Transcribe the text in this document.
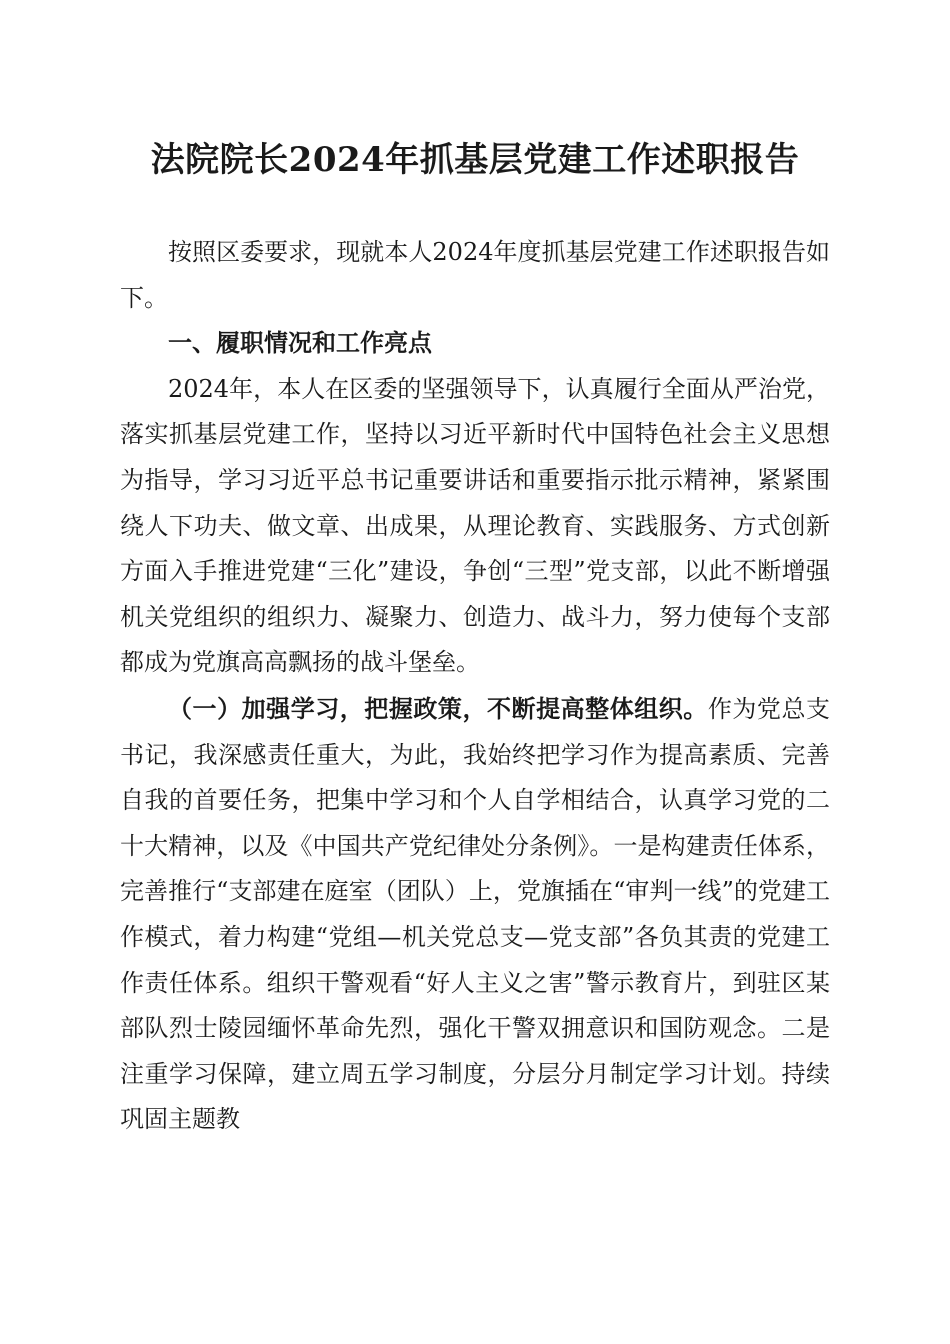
法院院长2024年抓基层党建工作述职报告

按照区委要求，现就本人2024年度抓基层党建工作述职报告如下。

一、履职情况和工作亮点

2024年，本人在区委的坚强领导下，认真履行全面从严治党，落实抓基层党建工作，坚持以习近平新时代中国特色社会主义思想为指导，学习习近平总书记重要讲话和重要指示批示精神，紧紧围绕人下功夫、做文章、出成果，从理论教育、实践服务、方式创新方面入手推进党建“三化”建设，争创“三型”党支部，以此不断增强机关党组织的组织力、凝聚力、创造力、战斗力，努力使每个支部都成为党旗高高飘扬的战斗堡垒。

（一）加强学习，把握政策，不断提高整体组织。作为党总支书记，我深感责任重大，为此，我始终把学习作为提高素质、完善自我的首要任务，把集中学习和个人自学相结合，认真学习党的二十大精神，以及《中国共产党纪律处分条例》。一是构建责任体系，完善推行“支部建在庭室（团队）上，党旗插在“审判一线”的党建工作模式，着力构建“党组—机关党总支—党支部”各负其责的党建工作责任体系。组织干警观看“好人主义之害”警示教育片，到驻区某部队烈士陵园缅怀革命先烈，强化干警双拥意识和国防观念。二是注重学习保障，建立周五学习制度，分层分月制定学习计划。持续巩固主题教
